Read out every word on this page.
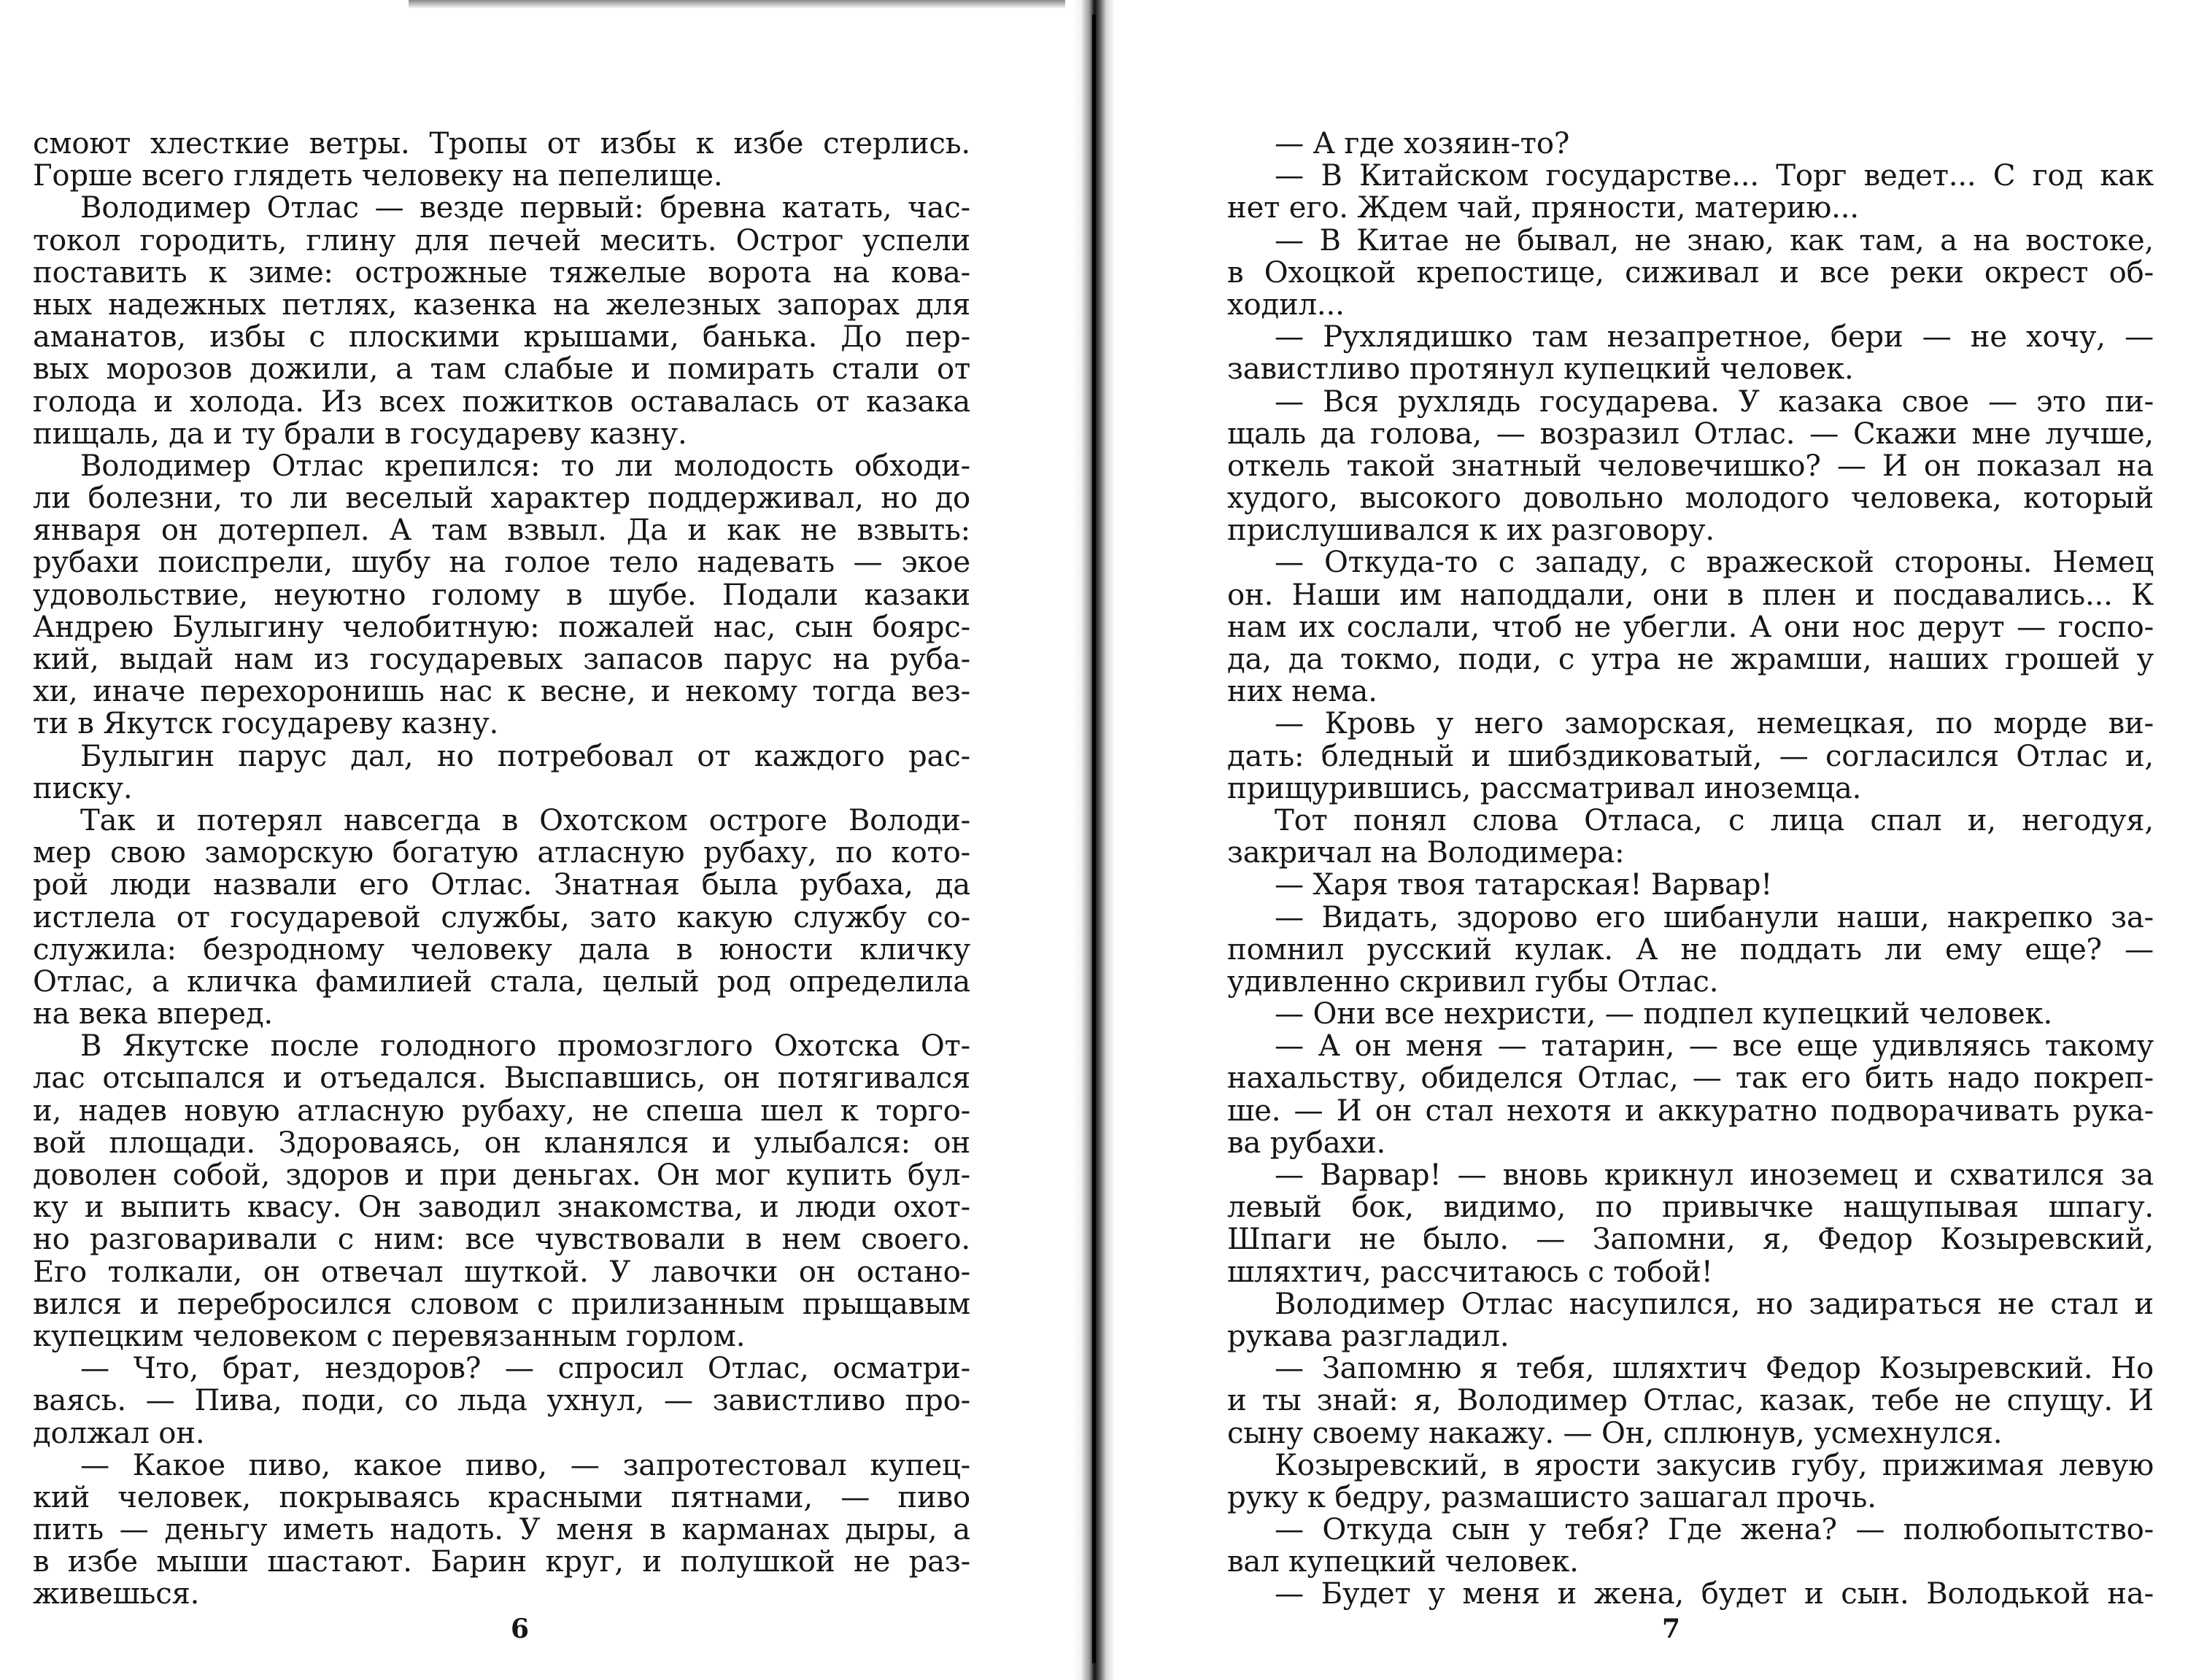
смоют хлесткие ветры. Тропы от избы к избе стерлись.
Горше всего глядеть человеку на пепелище.
Володимер Отлас — везде первый: бревна катать, час-
токол городить, глину для печей месить. Острог успели
поставить к зиме: острожные тяжелые ворота на кова-
ных надежных петлях, казенка на железных запорах для
аманатов, избы с плоскими крышами, банька. До пер-
вых морозов дожили, а там слабые и помирать стали от
голода и холода. Из всех пожитков оставалась от казака
пищаль, да и ту брали в государеву казну.
Володимер Отлас крепился: то ли молодость обходи-
ли болезни, то ли веселый характер поддерживал, но до
января он дотерпел. А там взвыл. Да и как не взвыть:
рубахи поиспрели, шубу на голое тело надевать — экое
удовольствие, неуютно голому в шубе. Подали казаки
Андрею Булыгину челобитную: пожалей нас, сын боярс-
кий, выдай нам из государевых запасов парус на руба-
хи, иначе перехоронишь нас к весне, и некому тогда вез-
ти в Якутск государеву казну.
Булыгин парус дал, но потребовал от каждого рас-
писку.
Так и потерял навсегда в Охотском остроге Володи-
мер свою заморскую богатую атласную рубаху, по кото-
рой люди назвали его Отлас. Знатная была рубаха, да
истлела от государевой службы, зато какую службу со-
служила: безродному человеку дала в юности кличку
Отлас, а кличка фамилией стала, целый род определила
на века вперед.
В Якутске после голодного промозглого Охотска От-
лас отсыпался и отъедался. Выспавшись, он потягивался
и, надев новую атласную рубаху, не спеша шел к торго-
вой площади. Здороваясь, он кланялся и улыбался: он
доволен собой, здоров и при деньгах. Он мог купить бул-
ку и выпить квасу. Он заводил знакомства, и люди охот-
но разговаривали с ним: все чувствовали в нем своего.
Его толкали, он отвечал шуткой. У лавочки он остано-
вился и перебросился словом с прилизанным прыщавым
купецким человеком с перевязанным горлом.
— Что, брат, нездоров? — спросил Отлас, осматри-
ваясь. — Пива, поди, со льда ухнул, — завистливо про-
должал он.
— Какое пиво, какое пиво, — запротестовал купец-
кий человек, покрываясь красными пятнами, — пиво
пить — деньгу иметь надоть. У меня в карманах дыры, а
в избе мыши шастают. Барин круг, и полушкой не раз-
живешься.
— А где хозяин-то?
— В Китайском государстве... Торг ведет... С год как
нет его. Ждем чай, пряности, материю...
— В Китае не бывал, не знаю, как там, а на востоке,
в Охоцкой крепостице, сиживал и все реки окрест об-
ходил...
— Рухлядишко там незапретное, бери — не хочу, —
завистливо протянул купецкий человек.
— Вся рухлядь государева. У казака свое — это пи-
щаль да голова, — возразил Отлас. — Скажи мне лучше,
откель такой знатный человечишко? — И он показал на
худого, высокого довольно молодого человека, который
прислушивался к их разговору.
— Откуда-то с западу, с вражеской стороны. Немец
он. Наши им наподдали, они в плен и посдавались... К
нам их сослали, чтоб не убегли. А они нос дерут — госпо-
да, да токмо, поди, с утра не жрамши, наших грошей у
них нема.
— Кровь у него заморская, немецкая, по морде ви-
дать: бледный и шибздиковатый, — согласился Отлас и,
прищурившись, рассматривал иноземца.
Тот понял слова Отласа, с лица спал и, негодуя,
закричал на Володимера:
— Харя твоя татарская! Варвар!
— Видать, здорово его шибанули наши, накрепко за-
помнил русский кулак. А не поддать ли ему еще? —
удивленно скривил губы Отлас.
— Они все нехристи, — подпел купецкий человек.
— А он меня — татарин, — все еще удивляясь такому
нахальству, обиделся Отлас, — так его бить надо покреп-
ше. — И он стал нехотя и аккуратно подворачивать рука-
ва рубахи.
— Варвар! — вновь крикнул иноземец и схватился за
левый бок, видимо, по привычке нащупывая шпагу.
Шпаги не было. — Запомни, я, Федор Козыревский,
шляхтич, рассчитаюсь с тобой!
Володимер Отлас насупился, но задираться не стал и
рукава разгладил.
— Запомню я тебя, шляхтич Федор Козыревский. Но
и ты знай: я, Володимер Отлас, казак, тебе не спущу. И
сыну своему накажу. — Он, сплюнув, усмехнулся.
Козыревский, в ярости закусив губу, прижимая левую
руку к бедру, размашисто зашагал прочь.
— Откуда сын у тебя? Где жена? — полюбопытство-
вал купецкий человек.
— Будет у меня и жена, будет и сын. Володькой на-
6	7
